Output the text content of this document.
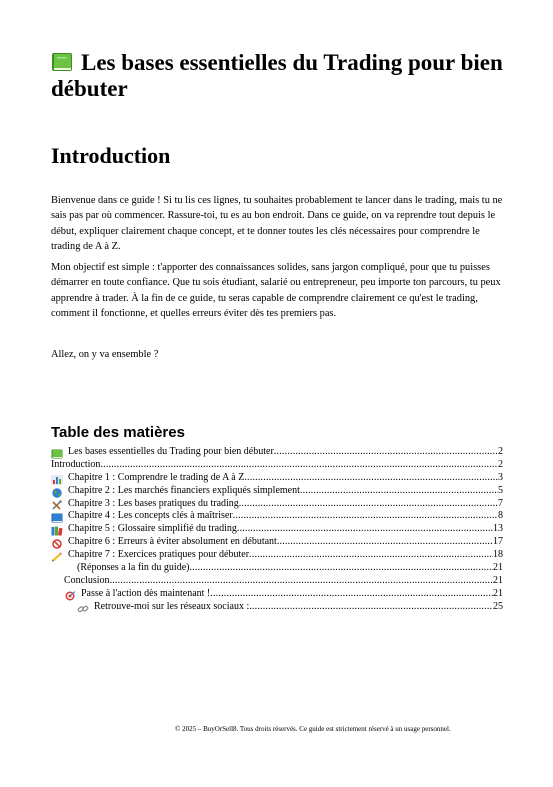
Les bases essentielles du Trading pour bien débuter
Introduction

Bienvenue dans ce guide ! Si tu lis ces lignes, tu souhaites probablement te lancer dans le trading, mais tu ne sais pas par où commencer. Rassure-toi, tu es au bon endroit. Dans ce guide, on va reprendre tout depuis le début, expliquer clairement chaque concept, et te donner toutes les clés nécessaires pour comprendre le trading de A à Z.

Mon objectif est simple : t'apporter des connaissances solides, sans jargon compliqué, pour que tu puisses démarrer en toute confiance. Que tu sois étudiant, salarié ou entrepreneur, peu importe ton parcours, tu peux apprendre à trader. À la fin de ce guide, tu seras capable de comprendre clairement ce qu'est le trading, comment il fonctionne, et quelles erreurs éviter dès tes premiers pas.

Allez, on y va ensemble ?

Table des matières
Les bases essentielles du Trading pour bien débuter .....	2
Introduction .....	2
Chapitre 1 : Comprendre le trading de A à Z .....	3
Chapitre 2 : Les marchés financiers expliqués simplement .....	5
Chapitre 3 : Les bases pratiques du trading .....	7
Chapitre 4 : Les concepts clés à maîtriser .....	8
Chapitre 5 : Glossaire simplifié du trading .....	13
Chapitre 6 : Erreurs à éviter absolument en débutant .....	17
Chapitre 7 : Exercices pratiques pour débuter .....	18
(Réponses a la fin du guide) .....	21
Conclusion .....	21
Passe à l'action dès maintenant ! .....	21
Retrouve-moi sur les réseaux sociaux : .....	25
© 2025 – BuyOrSell8. Tous droits réservés. Ce guide est strictement réservé à un usage personnel.
